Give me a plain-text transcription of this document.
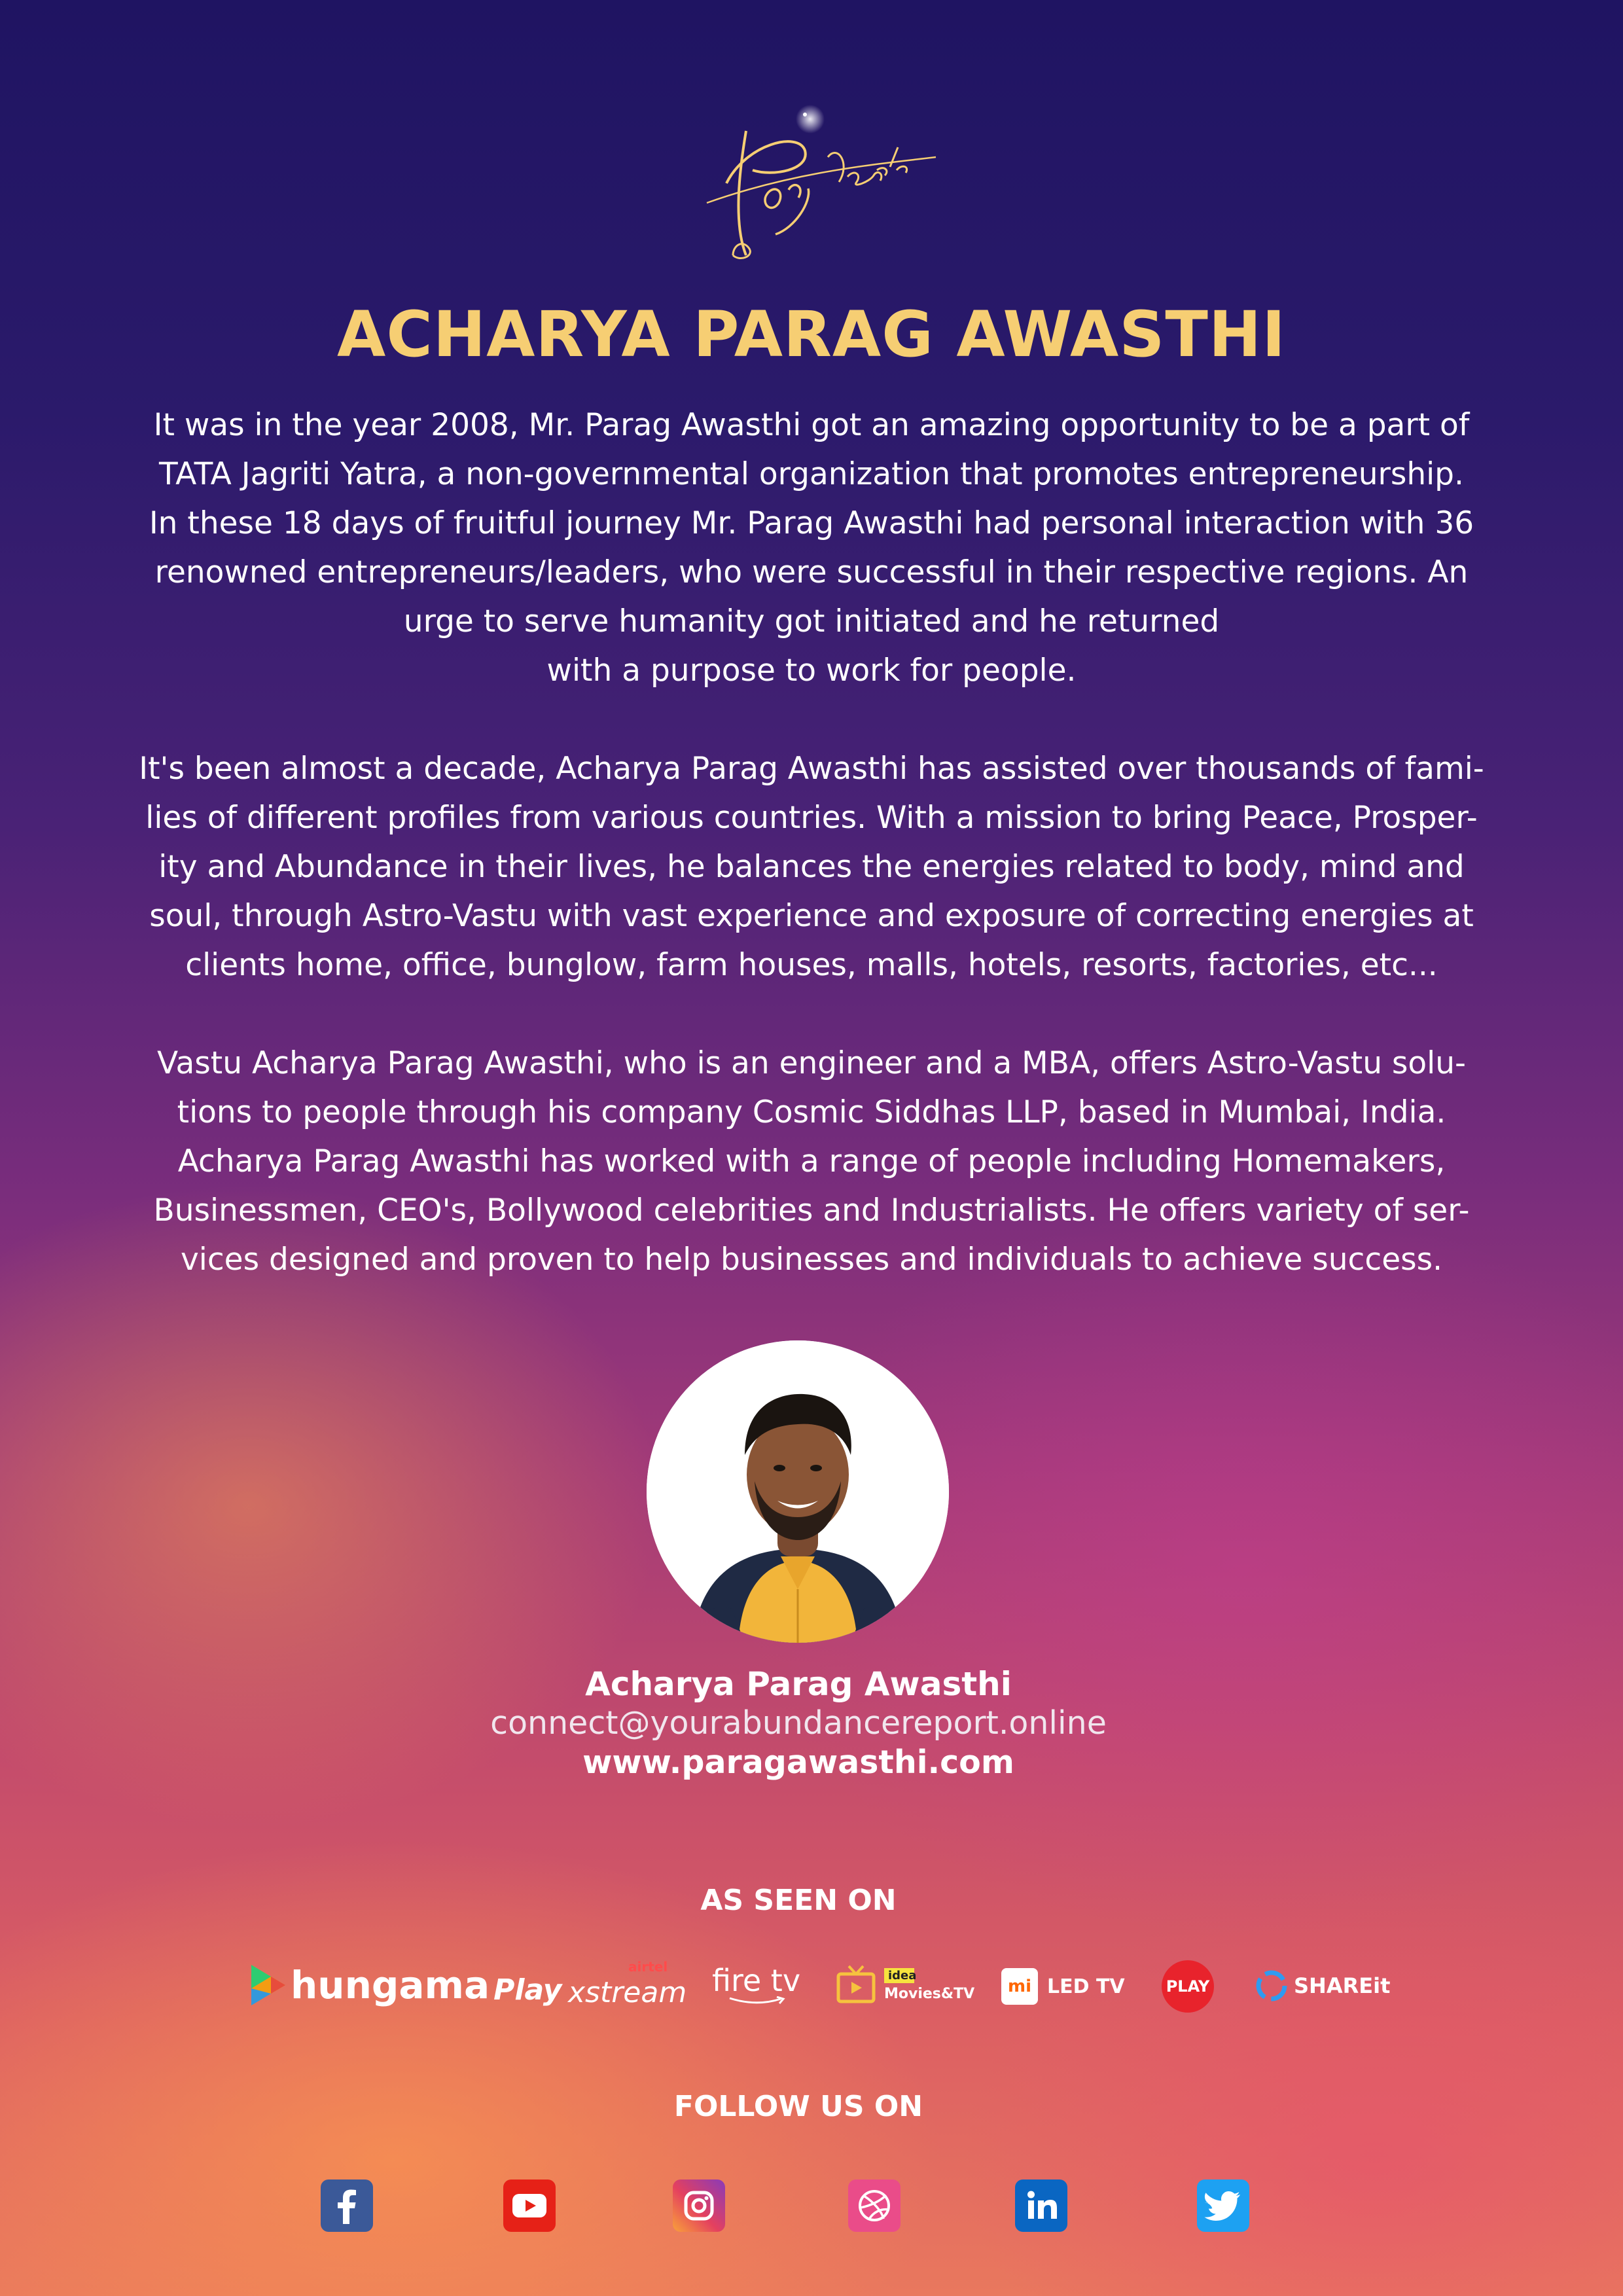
ACHARYA PARAG AWASTHI

It was in the year 2008, Mr. Parag Awasthi got an amazing opportunity to be a part of
TATA Jagriti Yatra, a non-governmental organization that promotes entrepreneurship.
In these 18 days of fruitful journey Mr. Parag Awasthi had personal interaction with 36
renowned entrepreneurs/leaders, who were successful in their respective regions. An
urge to serve humanity got initiated and he returned
with a purpose to work for people.

It's been almost a decade, Acharya Parag Awasthi has assisted over thousands of fami-
lies of different profiles from various countries. With a mission to bring Peace, Prosper-
ity and Abundance in their lives, he balances the energies related to body, mind and
soul, through Astro-Vastu with vast experience and exposure of correcting energies at
clients home, office, bunglow, farm houses, malls, hotels, resorts, factories, etc...

Vastu Acharya Parag Awasthi, who is an engineer and a MBA, offers Astro-Vastu solu-
tions to people through his company Cosmic Siddhas LLP, based in Mumbai, India.
Acharya Parag Awasthi has worked with a range of people including Homemakers,
Businessmen, CEO's, Bollywood celebrities and Industrialists. He offers variety of ser-
vices designed and proven to help businesses and individuals to achieve success.

Acharya Parag Awasthi
connect@yourabundancereport.online
www.paragawasthi.com
AS SEEN ON
hungama Play
airtel
xstream fire tv	idea
Movies&TV	mi LED TV	PLAY	SHAREit
FOLLOW US ON
